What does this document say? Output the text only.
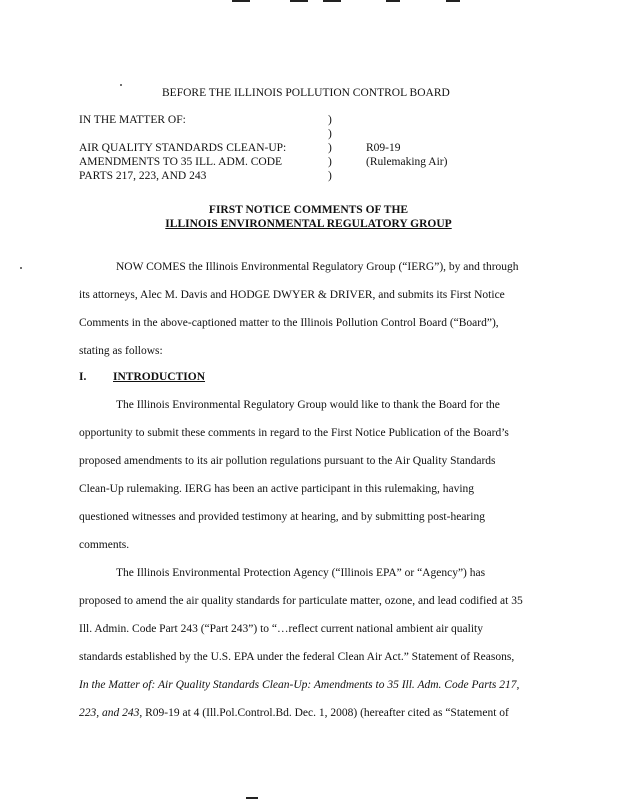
BEFORE THE ILLINOIS POLLUTION CONTROL BOARD
IN THE MATTER OF:
AIR QUALITY STANDARDS CLEAN-UP:
AMENDMENTS TO 35 ILL. ADM. CODE
PARTS 217, 223, AND 243
)
)
)
)
)
R09-19
(Rulemaking Air)
FIRST NOTICE COMMENTS OF THE
ILLINOIS ENVIRONMENTAL REGULATORY GROUP
NOW COMES the Illinois Environmental Regulatory Group (“IERG”), by and through
its attorneys, Alec M. Davis and HODGE DWYER & DRIVER, and submits its First Notice
Comments in the above-captioned matter to the Illinois Pollution Control Board (“Board”),
stating as follows:
I. INTRODUCTION
The Illinois Environmental Regulatory Group would like to thank the Board for the
opportunity to submit these comments in regard to the First Notice Publication of the Board’s
proposed amendments to its air pollution regulations pursuant to the Air Quality Standards
Clean-Up rulemaking. IERG has been an active participant in this rulemaking, having
questioned witnesses and provided testimony at hearing, and by submitting post-hearing
comments.
The Illinois Environmental Protection Agency (“Illinois EPA” or “Agency”) has
proposed to amend the air quality standards for particulate matter, ozone, and lead codified at 35
Ill. Admin. Code Part 243 (“Part 243”) to “…reflect current national ambient air quality
standards established by the U.S. EPA under the federal Clean Air Act.” Statement of Reasons,
In the Matter of: Air Quality Standards Clean-Up: Amendments to 35 Ill. Adm. Code Parts 217,
223, and 243, R09-19 at 4 (Ill.Pol.Control.Bd. Dec. 1, 2008) (hereafter cited as “Statement of
